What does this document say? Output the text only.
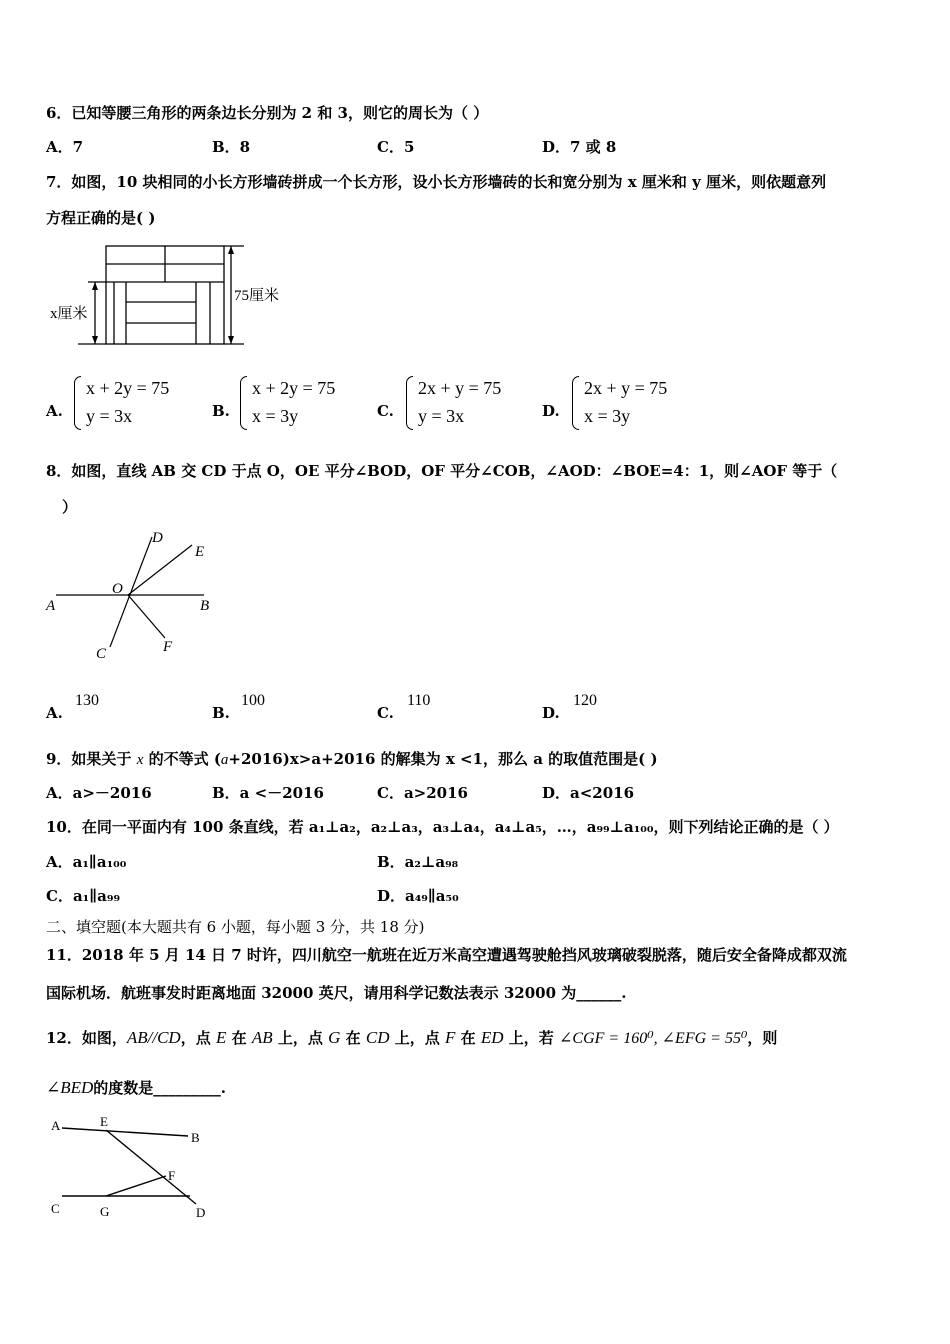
6．已知等腰三角形的两条边长分别为 2 和 3，则它的周长为（ ）
A．7	B．8	C．5	D．7 或 8
7．如图，10 块相同的小长方形墙砖拼成一个长方形，设小长方形墙砖的长和宽分别为 x 厘米和 y 厘米，则依题意列
方程正确的是( )
75厘米
x厘米
A.
x + 2y = 75
y = 3x	B.
x + 2y = 75
x = 3y	C.
2x + y = 75
y = 3x	D.
2x + y = 75
x = 3y
8．如图，直线 AB 交 CD 于点 O，OE 平分∠BOD，OF 平分∠COB，∠AOD：∠BOE=4：1，则∠AOF 等于（
）
A	B
C
D
E
F
O
A.
130
B.
100
C.
110
D.
120
9．如果关于 x 的不等式 (a+2016)x>a+2016 的解集为 x <1，那么 a 的取值范围是( )
A．a>－2016	B．a <－2016	C．a>2016	D．a<2016
10．在同一平面内有 100 条直线，若 a₁⊥a₂，a₂⊥a₃，a₃⊥a₄，a₄⊥a₅，…，a₉₉⊥a₁₀₀，则下列结论正确的是（ ）
A．a₁∥a₁₀₀	B．a₂⊥a₉₈
C．a₁∥a₉₉	D．a₄₉∥a₅₀
二、填空题(本大题共有 6 小题，每小题 3 分，共 18 分)
11．2018 年 5 月 14 日 7 时许，四川航空一航班在近万米高空遭遇驾驶舱挡风玻璃破裂脱落，随后安全备降成都双流
国际机场．航班事发时距离地面 32000 英尺，请用科学记数法表示 32000 为______.
12．如图，AB//CD，点 E 在 AB 上，点 G 在 CD 上，点 F 在 ED 上，若 ∠CGF = 160⁰, ∠EFG = 55⁰，则
∠BED的度数是_________.
A	E
B
F
C	G	D
